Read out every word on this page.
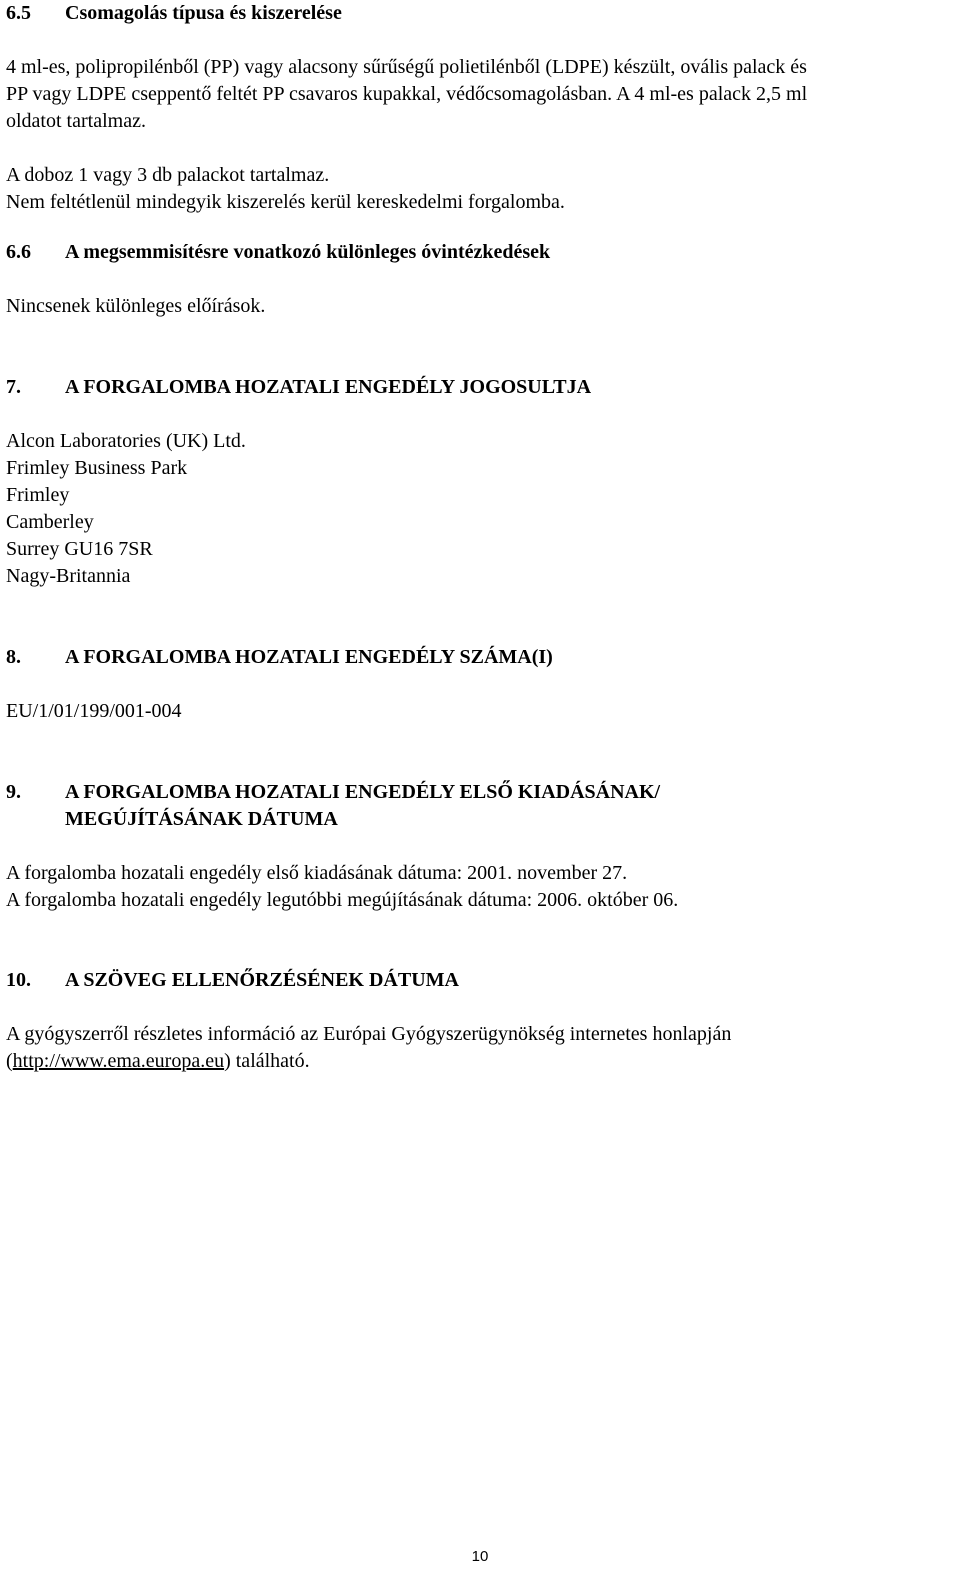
6.5	Csomagolás típusa és kiszerelése

4 ml-es, polipropilénből (PP) vagy alacsony sűrűségű polietilénből (LDPE) készült, ovális palack és

PP vagy LDPE cseppentő feltét PP csavaros kupakkal, védőcsomagolásban. A 4 ml-es palack 2,5 ml

oldatot tartalmaz.

A doboz 1 vagy 3 db palackot tartalmaz.

Nem feltétlenül mindegyik kiszerelés kerül kereskedelmi forgalomba.

6.6	A megsemmisítésre vonatkozó különleges óvintézkedések

Nincsenek különleges előírások.

7.	A FORGALOMBA HOZATALI ENGEDÉLY JOGOSULTJA

Alcon Laboratories (UK) Ltd.

Frimley Business Park

Frimley

Camberley

Surrey GU16 7SR

Nagy-Britannia

8.	A FORGALOMBA HOZATALI ENGEDÉLY SZÁMA(I)

EU/1/01/199/001-004

9.	A FORGALOMBA HOZATALI ENGEDÉLY ELSŐ KIADÁSÁNAK/
MEGÚJÍTÁSÁNAK DÁTUMA

A forgalomba hozatali engedély első kiadásának dátuma: 2001. november 27.

A forgalomba hozatali engedély legutóbbi megújításának dátuma: 2006. október 06.

10.	A SZÖVEG ELLENŐRZÉSÉNEK DÁTUMA

A gyógyszerről részletes információ az Európai Gyógyszerügynökség internetes honlapján

(http://www.ema.europa.eu) található.

10
